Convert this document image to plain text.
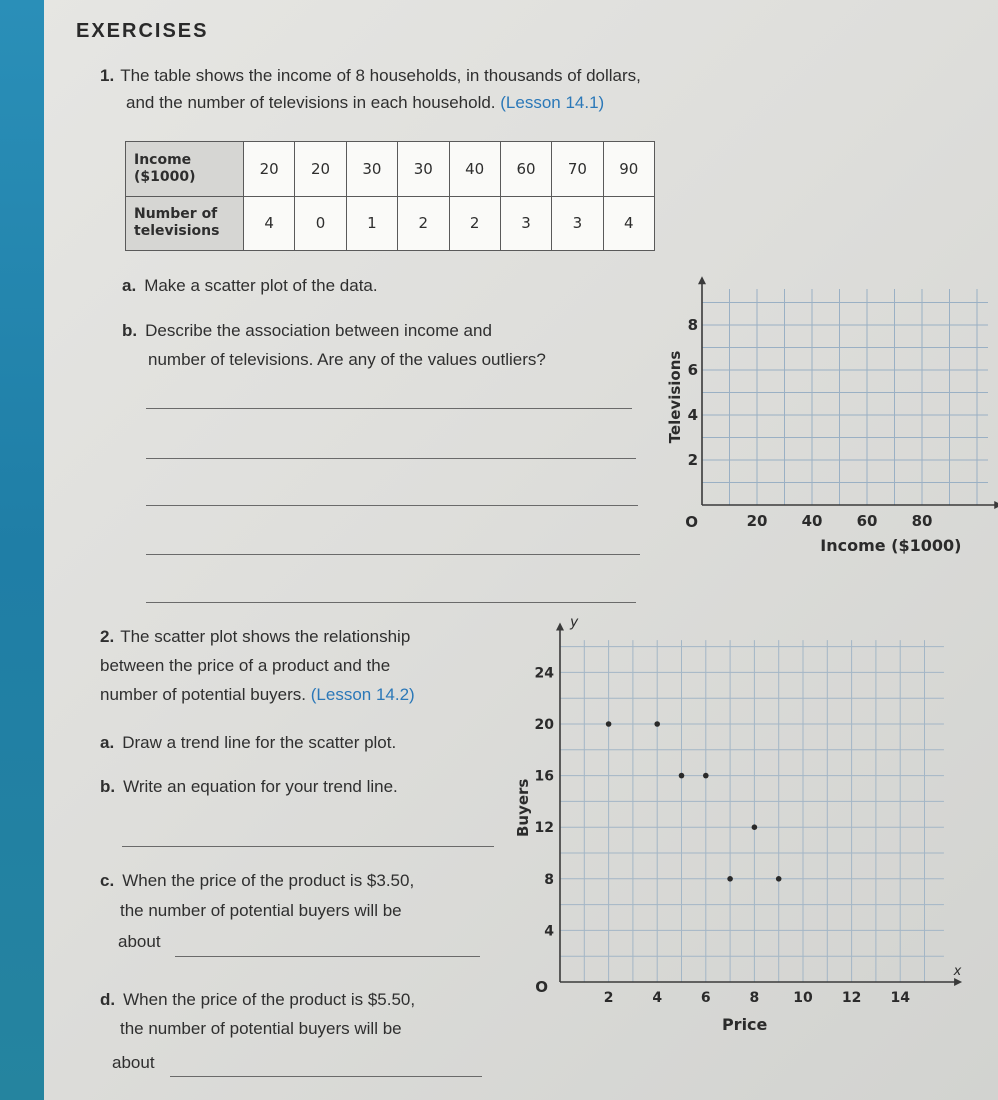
EXERCISES
1. The table shows the income of 8 households, in thousands of dollars,
and the number of televisions in each household. (Lesson 14.1)
Income
($1000)	20	20	30	30	40	60	70	90

Number of
televisions	4	0	1	2	2	3	3	4
a. Make a scatter plot of the data.
b. Describe the association between income and
number of televisions. Are any of the values outliers?
20 40 60 80
2
4
6
8
O
Income ($1000)
Televisions
2. The scatter plot shows the relationship
between the price of a product and the
number of potential buyers. (Lesson 14.2)
a. Draw a trend line for the scatter plot.
b. Write an equation for your trend line.
c. When the price of the product is $3.50,
the number of potential buyers will be
about
d. When the price of the product is $5.50,
the number of potential buyers will be
about
2	4	6	8 10 12 14
4
8
12
16
20
24
O
x
y
Price
Buyers
